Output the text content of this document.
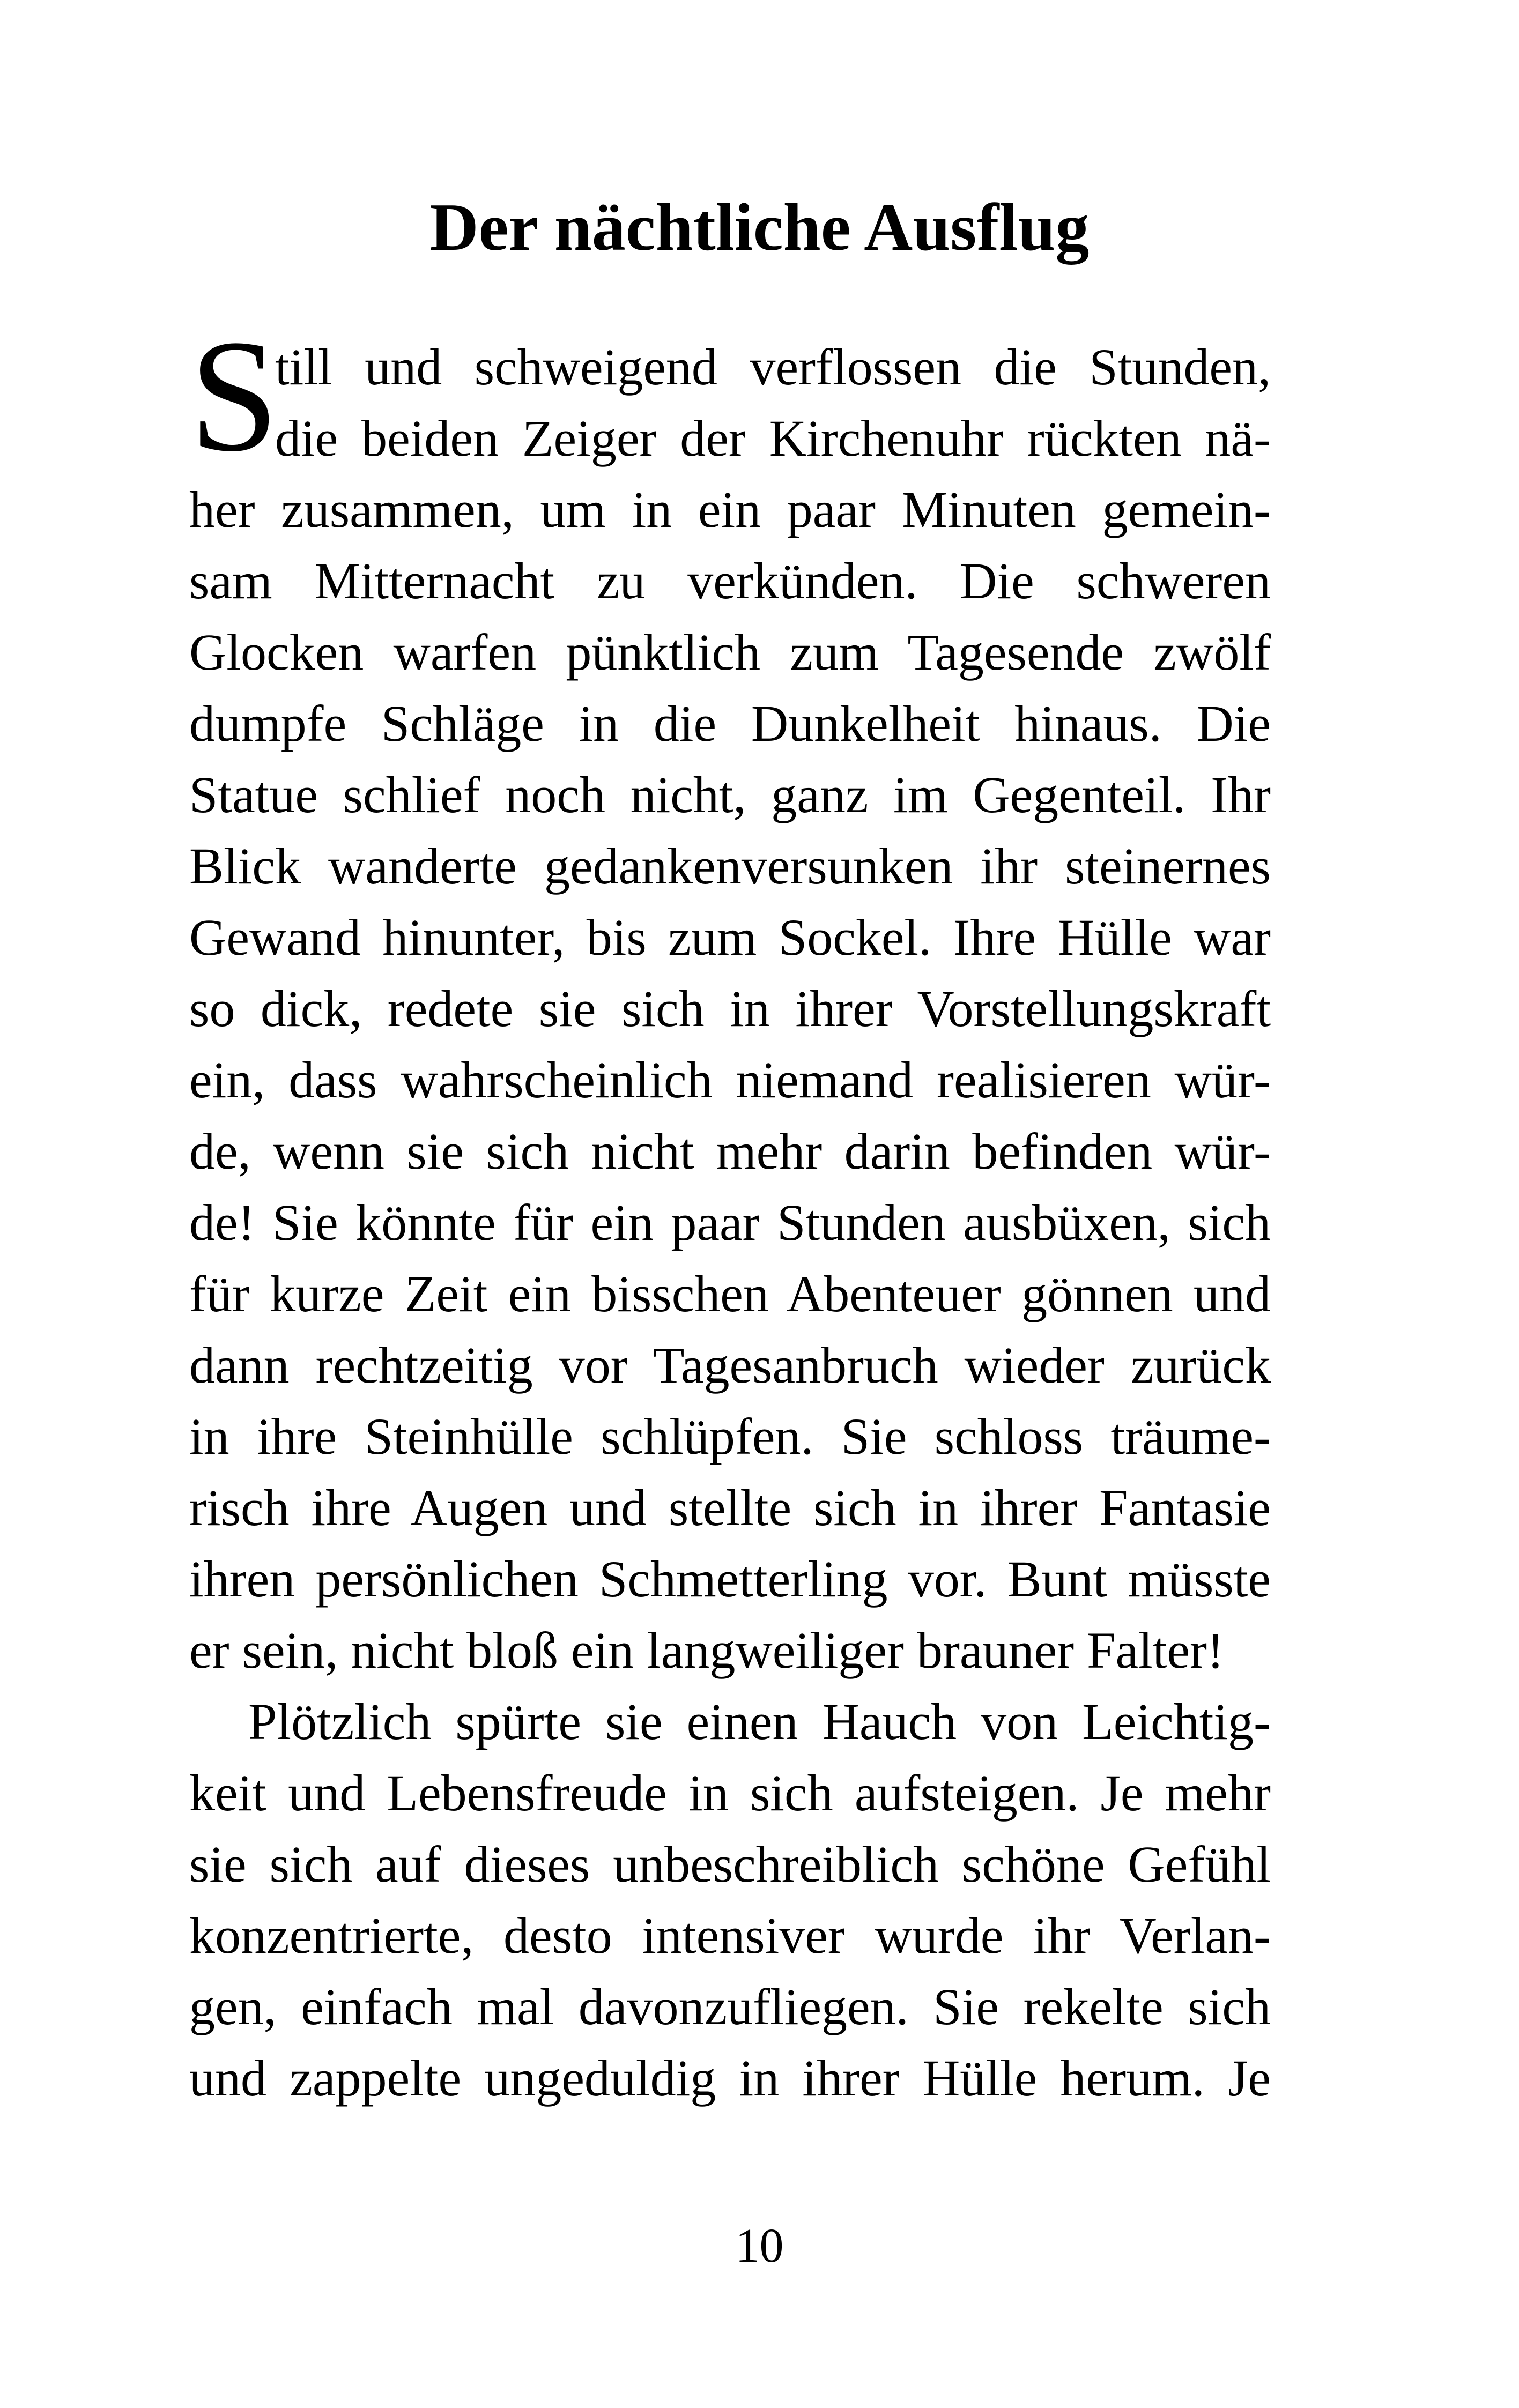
Der nächtliche Ausflug
S
till und schweigend verflossen die Stunden,
die beiden Zeiger der Kirchenuhr rückten nä-
her zusammen, um in ein paar Minuten gemein-
sam Mitternacht zu verkünden. Die schweren
Glocken warfen pünktlich zum Tagesende zwölf
dumpfe Schläge in die Dunkelheit hinaus. Die
Statue schlief noch nicht, ganz im Gegenteil. Ihr
Blick wanderte gedankenversunken ihr steinernes
Gewand hinunter, bis zum Sockel. Ihre Hülle war
so dick, redete sie sich in ihrer Vorstellungskraft
ein, dass wahrscheinlich niemand realisieren wür-
de, wenn sie sich nicht mehr darin befinden wür-
de! Sie könnte für ein paar Stunden ausbüxen, sich
für kurze Zeit ein bisschen Abenteuer gönnen und
dann rechtzeitig vor Tagesanbruch wieder zurück
in ihre Steinhülle schlüpfen. Sie schloss träume-
risch ihre Augen und stellte sich in ihrer Fantasie
ihren persönlichen Schmetterling vor. Bunt müsste
er sein, nicht bloß ein langweiliger brauner Falter!
Plötzlich spürte sie einen Hauch von Leichtig-
keit und Lebensfreude in sich aufsteigen. Je mehr
sie sich auf dieses unbeschreiblich schöne Gefühl
konzentrierte, desto intensiver wurde ihr Verlan-
gen, einfach mal davonzufliegen. Sie rekelte sich
und zappelte ungeduldig in ihrer Hülle herum. Je
10
